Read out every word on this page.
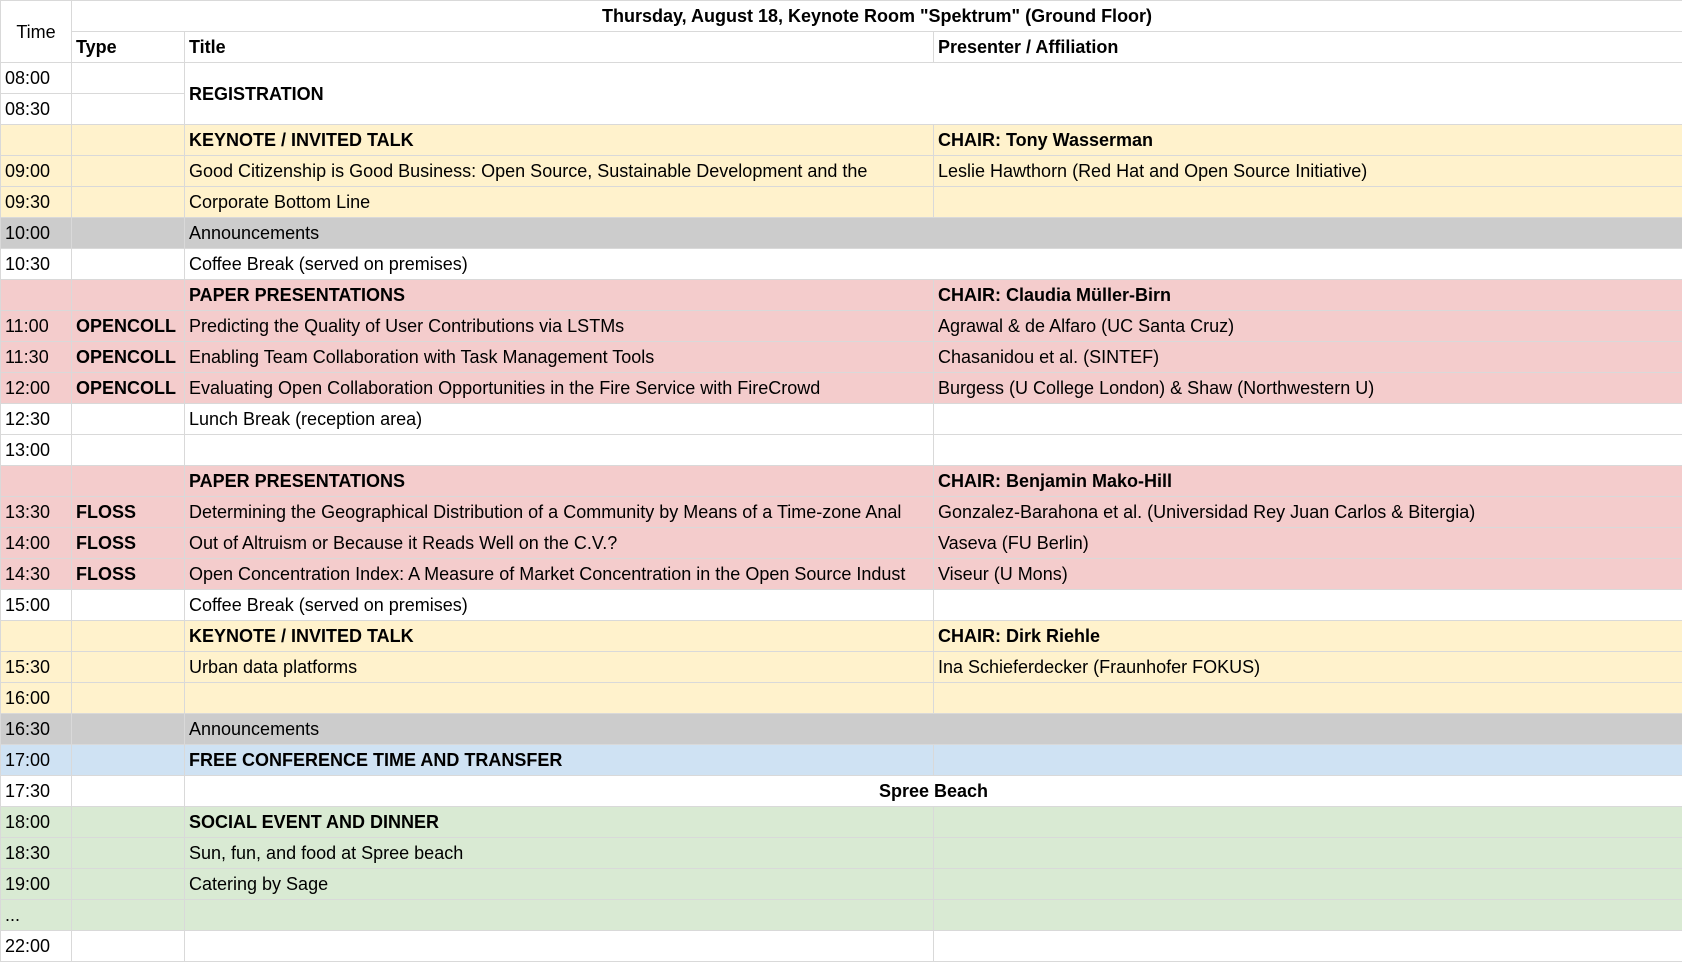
Time	Thursday, August 18, Keynote Room "Spektrum" (Ground Floor)		
	Type	Title	Presenter / Affiliation
08:00		REGISTRATION	
08:30			
		KEYNOTE / INVITED TALK	CHAIR: Tony Wasserman
09:00		Good Citizenship is Good Business: Open Source, Sustainable Development and the	Leslie Hawthorn (Red Hat and Open Source Initiative)
09:30		Corporate Bottom Line	
10:00		Announcements	
10:30		Coffee Break (served on premises)	
		PAPER PRESENTATIONS	CHAIR: Claudia Müller-Birn
11:00	OPENCOLL	Predicting the Quality of User Contributions via LSTMs	Agrawal & de Alfaro (UC Santa Cruz)
11:30	OPENCOLL	Enabling Team Collaboration with Task Management Tools	Chasanidou et al. (SINTEF)
12:00	OPENCOLL	Evaluating Open Collaboration Opportunities in the Fire Service with FireCrowd	Burgess (U College London) & Shaw (Northwestern U)
12:30		Lunch Break (reception area)	
13:00			
		PAPER PRESENTATIONS	CHAIR: Benjamin Mako-Hill
13:30	FLOSS	Determining the Geographical Distribution of a Community by Means of a Time-zone Anal	Gonzalez-Barahona et al. (Universidad Rey Juan Carlos & Bitergia)
14:00	FLOSS	Out of Altruism or Because it Reads Well on the C.V.?	Vaseva (FU Berlin)
14:30	FLOSS	Open Concentration Index: A Measure of Market Concentration in the Open Source Indust	Viseur (U Mons)
15:00		Coffee Break (served on premises)	
		KEYNOTE / INVITED TALK	CHAIR: Dirk Riehle
15:30		Urban data platforms	Ina Schieferdecker (Fraunhofer FOKUS)
16:00			
16:30		Announcements	
17:00		FREE CONFERENCE TIME AND TRANSFER	
17:30		Spree Beach	
18:00		SOCIAL EVENT AND DINNER	
18:30		Sun, fun, and food at Spree beach	
19:00		Catering by Sage	
...			
22:00			
